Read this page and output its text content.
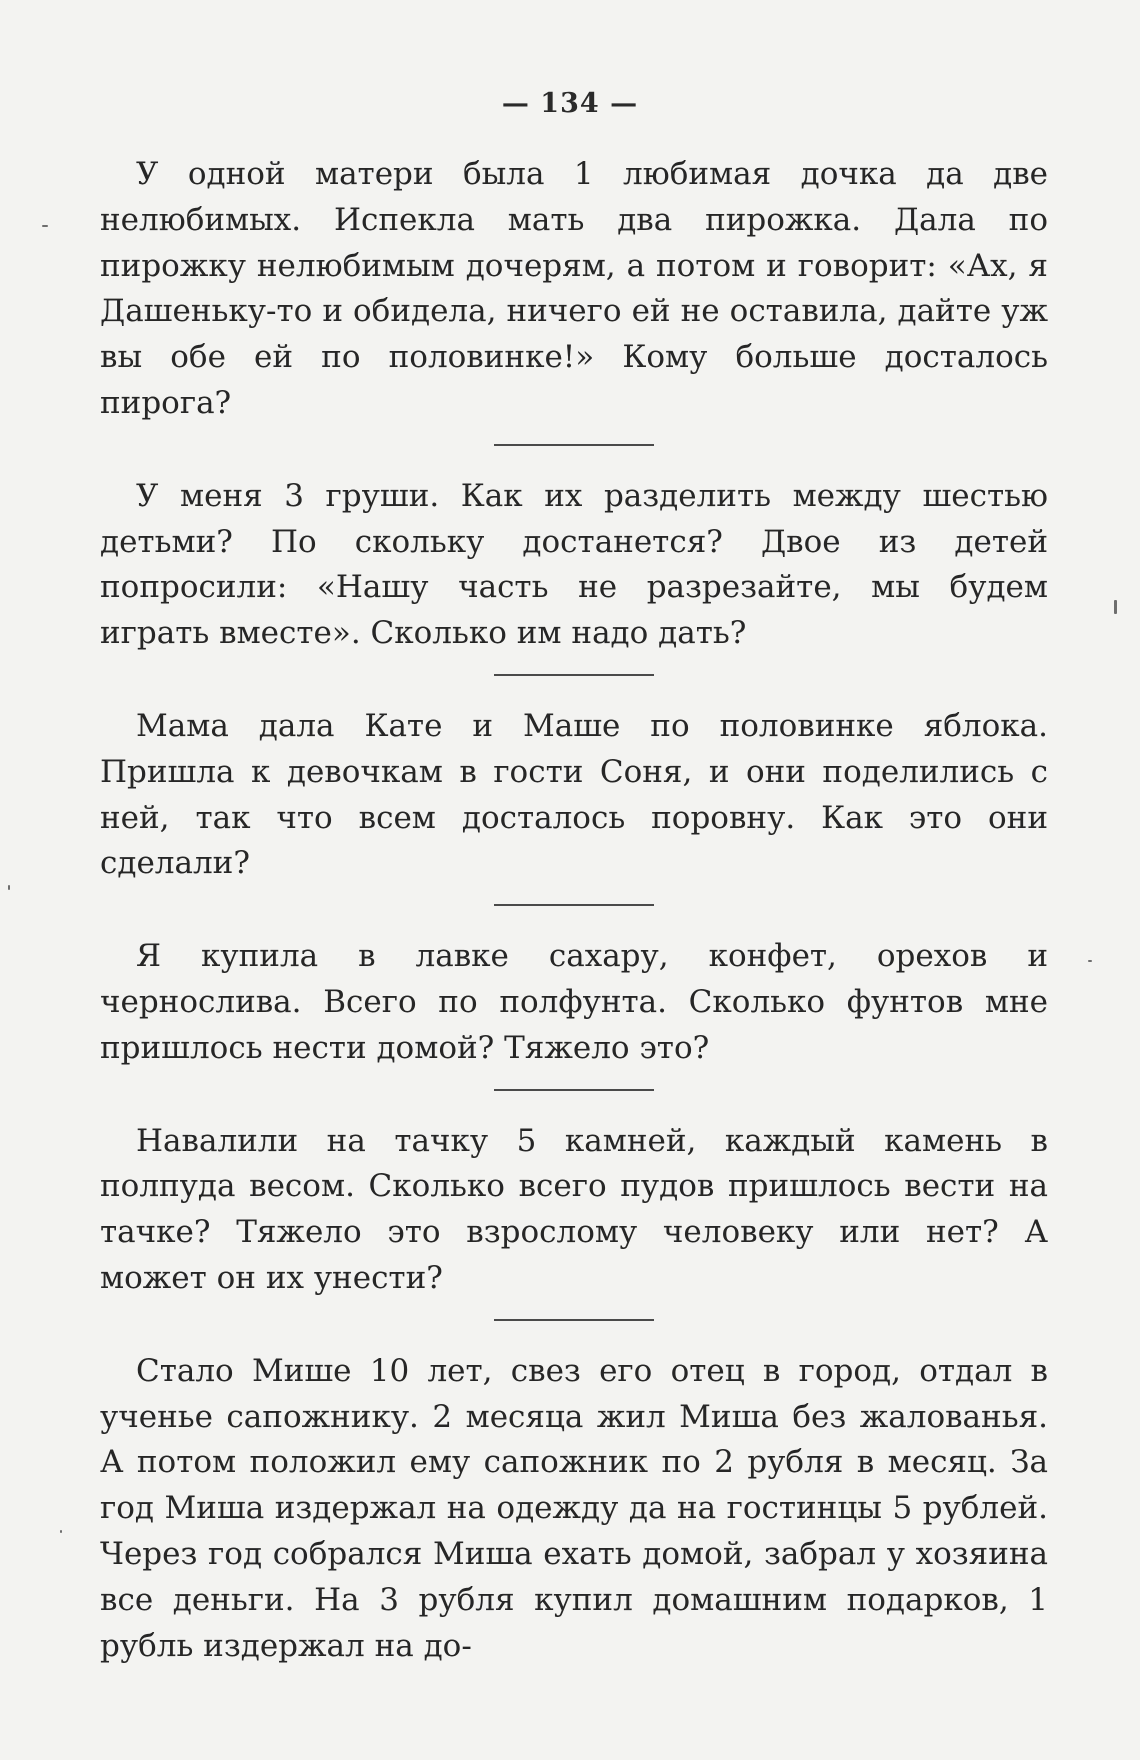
— 134 —

У одной матери была 1 любимая дочка да две нелюбимых. Испекла мать два пирожка. Дала по пирожку нелюбимым дочерям, а потом и говорит: «Ах, я Дашеньку-то и обидела, ничего ей не оставила, дайте уж вы обе ей по половинке!» Кому больше досталось пирога?

У меня 3 груши. Как их разделить между шестью детьми? По скольку достанется? Двое из детей попросили: «Нашу часть не разрезайте, мы будем играть вместе». Сколько им надо дать?

Мама дала Кате и Маше по половинке яблока. Пришла к девочкам в гости Соня, и они поделились с ней, так что всем досталось поровну. Как это они сделали?

Я купила в лавке сахару, конфет, орехов и чернослива. Всего по полфунта. Сколько фунтов мне пришлось нести домой? Тяжело это?

Навалили на тачку 5 камней, каждый камень в полпуда весом. Сколько всего пудов пришлось вести на тачке? Тяжело это взрослому человеку или нет? А может он их унести?

Стало Мише 10 лет, свез его отец в город, отдал в ученье сапожнику. 2 месяца жил Миша без жалованья. А потом положил ему сапожник по 2 рубля в месяц. За год Миша издержал на одежду да на гостинцы 5 рублей. Через год собрался Миша ехать домой, забрал у хозяина все деньги. На 3 рубля купил домашним подарков, 1 рубль издержал на до-
